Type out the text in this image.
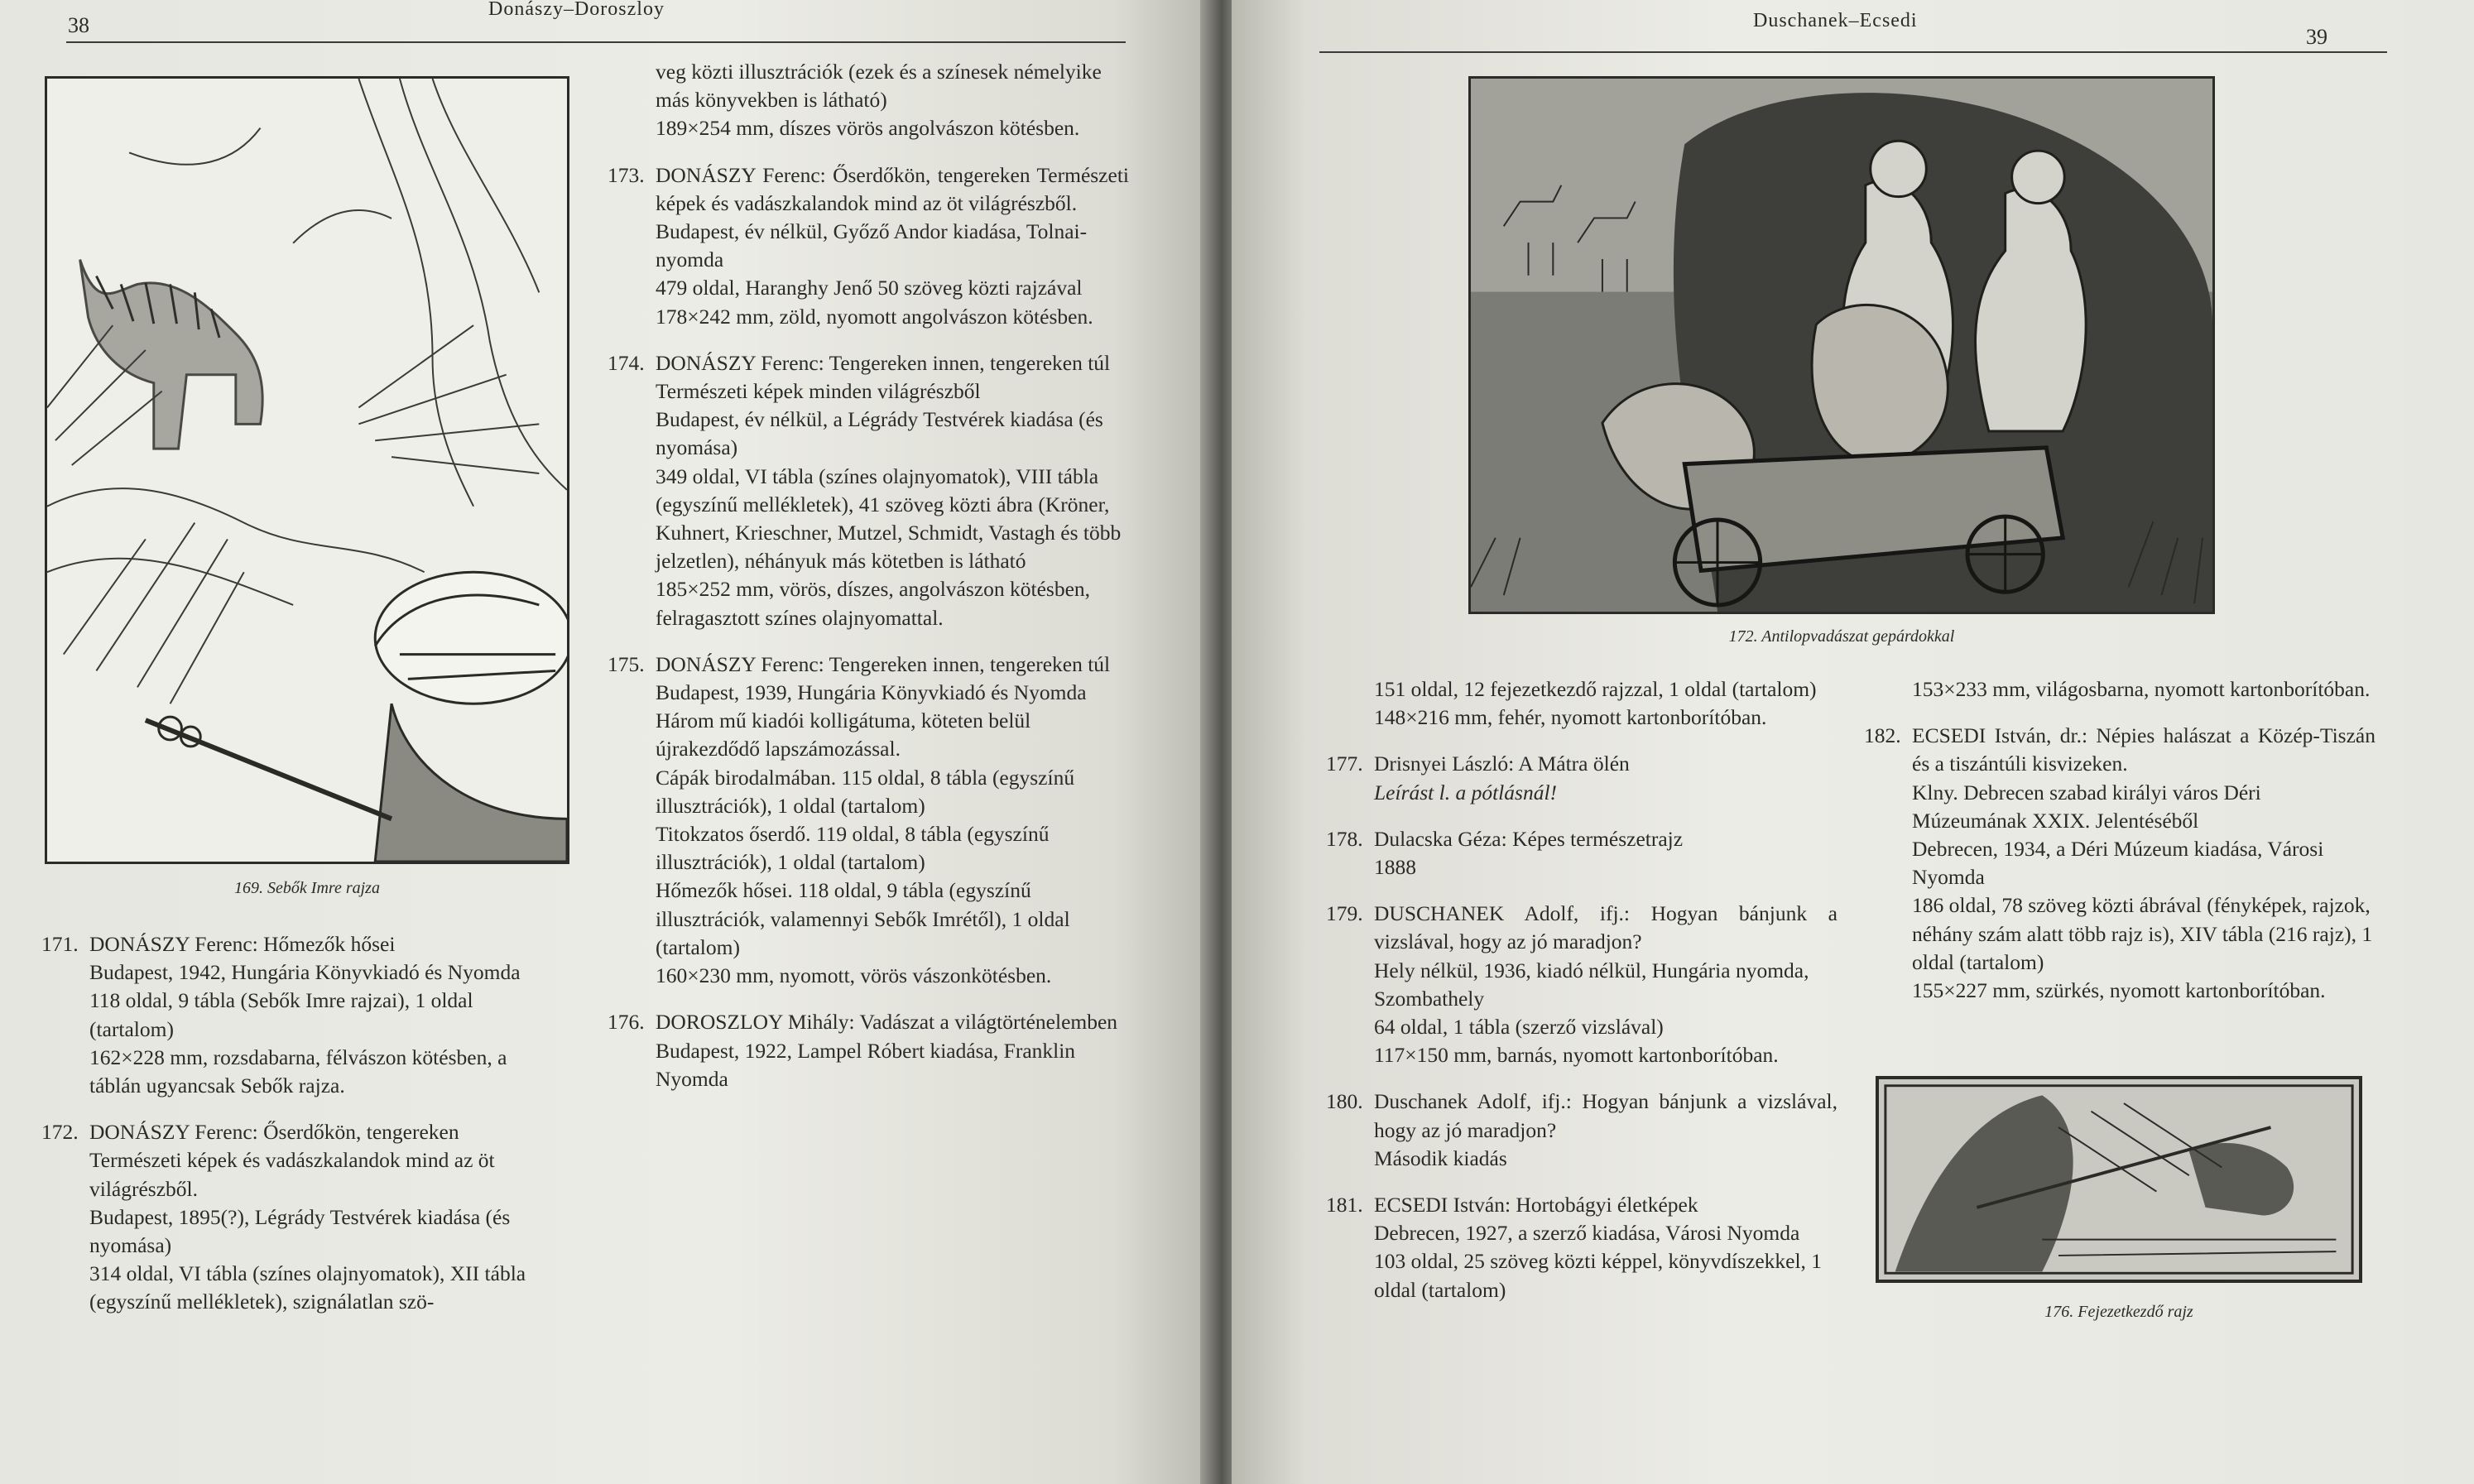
38
Donászy–Doroszloy
169. Sebők Imre rajza
171. DONÁSZY Ferenc: Hőmezők hősei

Budapest, 1942, Hungária Könyvkiadó és Nyomda

118 oldal, 9 tábla (Sebők Imre rajzai), 1 oldal (tartalom)

162×228 mm, rozsdabarna, félvászon kötésben, a táblán ugyancsak Sebők rajza.

172. DONÁSZY Ferenc: Őserdőkön, tengereken

Természeti képek és vadászkalandok mind az öt világrészből.

Budapest, 1895(?), Légrády Testvérek kiadása (és nyomása)

314 oldal, VI tábla (színes olajnyomatok), XII tábla (egyszínű mellékletek), szignálatlan szö-

veg közti illusztrációk (ezek és a színesek némelyike más könyvekben is látható)

189×254 mm, díszes vörös angolvászon kötésben.

173. DONÁSZY Ferenc: Őserdőkön, tengereken Természeti képek és vadászkalandok mind az öt világrészből.

Budapest, év nélkül, Győző Andor kiadása, Tolnai-nyomda

479 oldal, Haranghy Jenő 50 szöveg közti rajzával

178×242 mm, zöld, nyomott angolvászon kötésben.

174. DONÁSZY Ferenc: Tengereken innen, tengereken túl

Természeti képek minden világrészből

Budapest, év nélkül, a Légrády Testvérek kiadása (és nyomása)

349 oldal, VI tábla (színes olajnyomatok), VIII tábla (egyszínű mellékletek), 41 szöveg közti ábra (Kröner, Kuhnert, Krieschner, Mutzel, Schmidt, Vastagh és több jelzetlen), néhányuk más kötetben is látható

185×252 mm, vörös, díszes, angolvászon kötésben, felragasztott színes olajnyomattal.

175. DONÁSZY Ferenc: Tengereken innen, tengereken túl

Budapest, 1939, Hungária Könyvkiadó és Nyomda

Három mű kiadói kolligátuma, köteten belül újrakezdődő lapszámozással.

Cápák birodalmában. 115 oldal, 8 tábla (egyszínű illusztrációk), 1 oldal (tartalom)

Titokzatos őserdő. 119 oldal, 8 tábla (egyszínű illusztrációk), 1 oldal (tartalom)

Hőmezők hősei. 118 oldal, 9 tábla (egyszínű illusztrációk, valamennyi Sebők Imrétől), 1 oldal (tartalom)

160×230 mm, nyomott, vörös vászonkötésben.

176. DOROSZLOY Mihály: Vadászat a világtörténelemben

Budapest, 1922, Lampel Róbert kiadása, Franklin Nyomda

Duschanek–Ecsedi
39
172. Antilopvadászat gepárdokkal

151 oldal, 12 fejezetkezdő rajzzal, 1 oldal (tartalom)

148×216 mm, fehér, nyomott kartonborítóban.

177. Drisnyei László: A Mátra ölén

Leírást l. a pótlásnál!

178. Dulacska Géza: Képes természetrajz

1888

179. DUSCHANEK Adolf, ifj.: Hogyan bánjunk a vizslával, hogy az jó maradjon?

Hely nélkül, 1936, kiadó nélkül, Hungária nyomda, Szombathely

64 oldal, 1 tábla (szerző vizslával)

117×150 mm, barnás, nyomott kartonborítóban.

180. Duschanek Adolf, ifj.: Hogyan bánjunk a vizslával, hogy az jó maradjon?

Második kiadás

181. ECSEDI István: Hortobágyi életképek

Debrecen, 1927, a szerző kiadása, Városi Nyomda

103 oldal, 25 szöveg közti képpel, könyvdíszekkel, 1 oldal (tartalom)

153×233 mm, világosbarna, nyomott kartonborítóban.

182. ECSEDI István, dr.: Népies halászat a Közép-Tiszán és a tiszántúli kisvizeken.

Klny. Debrecen szabad királyi város Déri Múzeumának XXIX. Jelentéséből

Debrecen, 1934, a Déri Múzeum kiadása, Városi Nyomda

186 oldal, 78 szöveg közti ábrával (fényképek, rajzok, néhány szám alatt több rajz is), XIV tábla (216 rajz), 1 oldal (tartalom)

155×227 mm, szürkés, nyomott kartonborítóban.

176. Fejezetkezdő rajz
